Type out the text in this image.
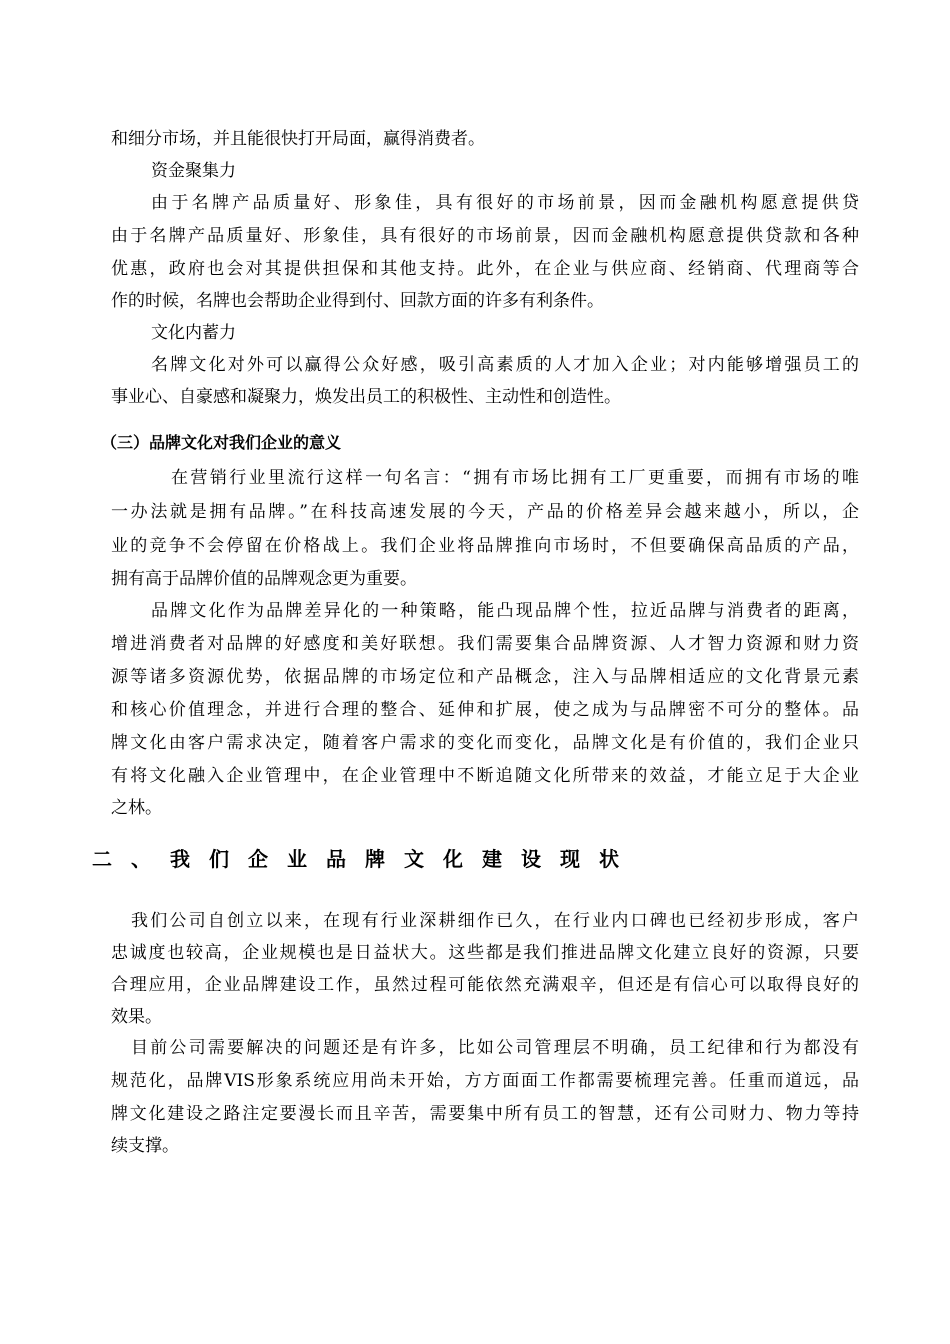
和细分市场，并且能很快打开局面，赢得消费者。
资金聚集力
由于名牌产品质量好、形象佳，具有很好的市场前景，因而金融机构愿意提供贷
由于名牌产品质量好、形象佳，具有很好的市场前景，因而金融机构愿意提供贷款和各种
优惠，政府也会对其提供担保和其他支持。此外，在企业与供应商、经销商、代理商等合
作的时候，名牌也会帮助企业得到付、回款方面的许多有利条件。
文化内蓄力
名牌文化对外可以赢得公众好感，吸引高素质的人才加入企业；对内能够增强员工的
事业心、自豪感和凝聚力，焕发出员工的积极性、主动性和创造性。
（三）品牌文化对我们企业的意义
在营销行业里流行这样一句名言：“拥有市场比拥有工厂更重要，而拥有市场的唯
一办法就是拥有品牌。”在科技高速发展的今天，产品的价格差异会越来越小，所以，企
业的竞争不会停留在价格战上。我们企业将品牌推向市场时，不但要确保高品质的产品，
拥有高于品牌价值的品牌观念更为重要。
品牌文化作为品牌差异化的一种策略，能凸现品牌个性，拉近品牌与消费者的距离，
增进消费者对品牌的好感度和美好联想。我们需要集合品牌资源、人才智力资源和财力资
源等诸多资源优势，依据品牌的市场定位和产品概念，注入与品牌相适应的文化背景元素
和核心价值理念，并进行合理的整合、延伸和扩展，使之成为与品牌密不可分的整体。品
牌文化由客户需求决定，随着客户需求的变化而变化，品牌文化是有价值的，我们企业只
有将文化融入企业管理中，在企业管理中不断追随文化所带来的效益，才能立足于大企业
之林。
二、我们企业品牌文化建设现状
我们公司自创立以来，在现有行业深耕细作已久，在行业内口碑也已经初步形成，客户
忠诚度也较高，企业规模也是日益状大。这些都是我们推进品牌文化建立良好的资源，只要
合理应用，企业品牌建设工作，虽然过程可能依然充满艰辛，但还是有信心可以取得良好的
效果。
目前公司需要解决的问题还是有许多，比如公司管理层不明确，员工纪律和行为都没有
规范化，品牌VIS形象系统应用尚未开始，方方面面工作都需要梳理完善。任重而道远，品
牌文化建设之路注定要漫长而且辛苦，需要集中所有员工的智慧，还有公司财力、物力等持
续支撑。
